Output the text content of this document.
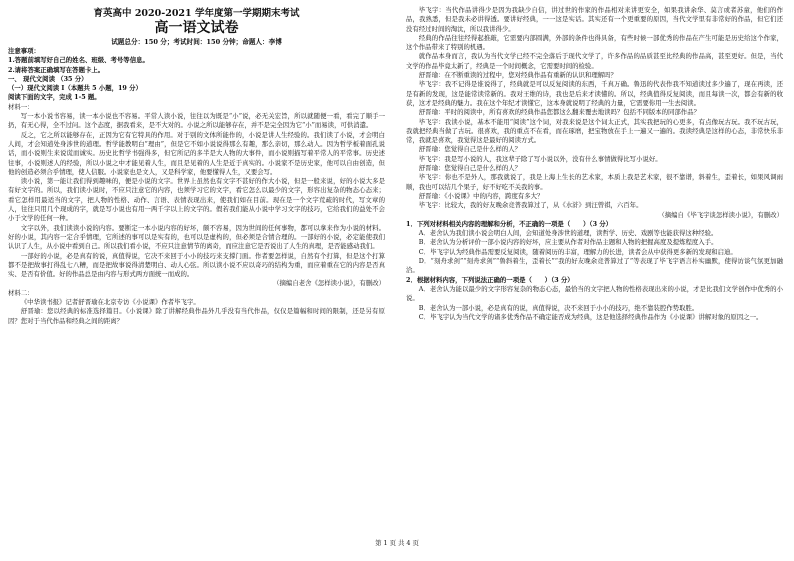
育英高中 2020-2021 学年度第一学期期末考试
高一语文试卷
试题总分：150 分；考试时间：150 分钟；命题人：李博

注意事项：

1.答题前填写好自己的姓名、班级、考号等信息。

2.请将答案正确填写在答题卡上。

一、 现代文阅读 （35 分）

（一）现代文阅读 I（本题共 5 小题，19 分）

阅读下面的文字，完成 1-5 题。

材料一：

写一本小说书容易，读一本小说也不容易。平常人读小说，往往以为既是“小”说，必无关宏旨，所以就随便一看，看完了顺手一扔，有无心得，全不过问。这个态度，据我看来，是不大对的。小说之所以能够存在，并不是完全因为它“小”而易读，可供消遣。

反之，它之所以能够存在，正因为它有它特具的作用。对于别的文体所能作的，小说是讲人生经验的。我们读了小说，才会明白人间，才会知道处身涉世的道理。哲学能教明白“理由”，但是它不如小说说得那么有趣，那么亲切，那么动人。因为哲学板着面孔说话，而小说则生来说谎而诚实。历史比哲学书强得多，但它所记的多半是大人物的大事件，而小说则描写着平常人的平常事。历史述往事，小说则述人的经验，所以小说之中才能见着人生，而且是见着的人生是近于真实的。小说家不是历史家，他可以自由创造，但他的创造必须合乎情理，使人信服。小说家也是文人，又是科学家，他要懂得人生，又要会写。

读小说，第一能让我们得到趣味的，便是小说的文字。世界上虽然也有文字不甚好的作大小说，但是一般来说，好的小说大多是有好文字的。所以，我们读小说时，不应只注意它的内容，也须学习它的文字，看它怎么以最少的文字，形容出复杂的物态心态来；看它怎样用最适当的文字，把人物的性格、动作、言语、表情表现出来，使我们如在目前。现在是一个文字荒疏的时代，写文章的人，往往只用几个现成的字，就是写小说也有用一两千字以上的文字的。假若我们能从小说中学习文字的技巧，它给我们的益处不会小于文学的任何一种。

文字以外，我们读读小说的内容。要断定一本小说内容的好坏，颇不容易，因为世间的任何事物，都可以拿来作为小说的材料。好的小说，其内容一定合乎情理，它所述的事可以是实有的，也可以是虚构的，但必须是合情合理的。一部好的小说，必定能使我们认识了人生，从小说中看到自己。所以我们看小说，不应只注意情节的离奇，而应注意它是否说出了人生的真理，是否能感动我们。

一部好的小说，必是真有的说，真值得说，它决不来回于小小的技巧来支撑门面。作者要怎样说，自然有个打算，但是这个打算都不是把故事打得乱七八糟，而是把故事说得清楚明白、动人心弦。所以读小说不应以奇巧的结构为重，而应着重在它的内容是否真实、是否有价值。好的作品总是由内容与形式两方面统一而成的。

（摘编自老舍《怎样读小说》，有删改）

材料二：

《中华读书报》记者舒晋瑜在北京专访《小说课》作者毕飞宇。

舒晋瑜：您以经典的标准选择篇目。《小说课》除了讲解经典作品外几乎没有当代作品，仅仅是篇幅和时间的限制，还是另有原因？您对于当代作品和经典之间的距离？

毕飞宇：当代作品讲得少是因为我缺少自信，讲过世的作家的作品相对来讲更安全，如果我讲余华、莫言或者苏童，他们的作品，我熟悉，但是我未必讲得透。要讲好经典，一一这是实话。其实还有一个更重要的原因，当代文学里有非常好的作品，但它们还没有经过时间的淘汰，所以我讲得少。

经典的作品往往经得起推敲，它需要内部圆满，外部的条件也得具备，有些时候一部优秀的作品在产生可能是历史给这个作家，这个作品带来了特别的机遇。

就作品本身而言，我认为当代文学已经不完全落后于现代文学了，许多作品的品质甚至比经典的作品高，甚至更好。但是，当代文学的作品毕竟太新了，经典是一个时间概念，它需要时间的检验。

舒晋瑜：在不断重读的过程中，您对经典作品有重新的认识和理解吗？

毕飞宇：我不记得是谁说得了，经典就是可以反复阅读的东西，千真万确。鲁迅的代表作我不知道读过多少遍了，现在再读，还是有新的发现，这是能常读常新的。我对王维的诗，我也是后来才读懂的。所以，经典值得反复阅读，而且每读一次，都会有新的收获，这才是经典的魅力。我在这个年纪才读懂它，这本身就说明了经典的力量，它需要你用一生去阅读。

舒晋瑜：平时的阅读中，所有喜欢的经典作品您都这么翻来覆去地读吗？包括不同版本的同部作品？

毕飞宇：我读小说，基本不能用“阅读”这个词，对我来说是这个词太正式，其实我把玩的心更多，有点像玩古玩。我不玩古玩，我就把经典当做了古玩。很喜欢，我的重点不在看，而在琢磨，把宝物放在手上一遍又一遍的。我读经典是这样的心态，非常快乐非常，我就是喜欢，我觉得这是最好的阅读方式。

舒晋瑜：您觉得自己是什么样的人？

毕飞宇：我是写小说的人，我这辈子除了写小说以外，没有什么事情做得比写小说好。

舒晋瑜：您觉得自己是什么样的人？

毕飞宇：你也不是外人，那我就说了，我是上海上生长的艺术家，本质上我是艺术家，很不靠谱，斜着生，歪着长，如果风调雨顺，我也可以结几个果子，好不好吃不关我的事。

舒晋瑜：《小说课》中的内容，跨度有多大？

毕飞宇：比较大，我的好友晚余竞普我算过了，从《水浒》到汪曾祺，六百年。

（摘编自《毕飞宇谈怎样读小说》，有删改）

1．下列对材料相关内容的理解和分析，不正确的一项是（　　）（3 分）

A．老舍认为我们读小说会明白人间，会知道处身涉世的道理，读哲学、历史、戏剧等也能获得这种经验。

B．老舍认为分析评价一部小说内容的好坏，应主要从作者对作品主题和人物的把握高度及提炼程度入手。

C．毕飞宇认为经典作品需要反复阅读，随着阅历的丰富，理解力的长进，读者会从中获得更多新的发现和启迪。

D．“刻舟求剑”“刻舟求剑”“鲁斜着生，歪着长”“我的好友晚余竞普算过了”等表现了毕飞宇语言朴实幽默，使得访谈气氛更加融洽。

2．根据材料内容，下列说法正确的一项是（　　）（3 分）

A．老舍认为能以最少的文字形容复杂的物态心态，最恰当的文字把人物的性格表现出来的小说，才是比我们文学创作中优秀的小说。

B．老舍认为一部小说，必是真有的说，真值得说，决不来回于小小的技巧，绝不靠装腔作势取胜。

C．毕飞宇认为当代文学的诸多优秀作品不确定能否成为经典，这是他选择经典作品作为《小说课》讲解对象的原因之一。

第 1 页 共 4 页
